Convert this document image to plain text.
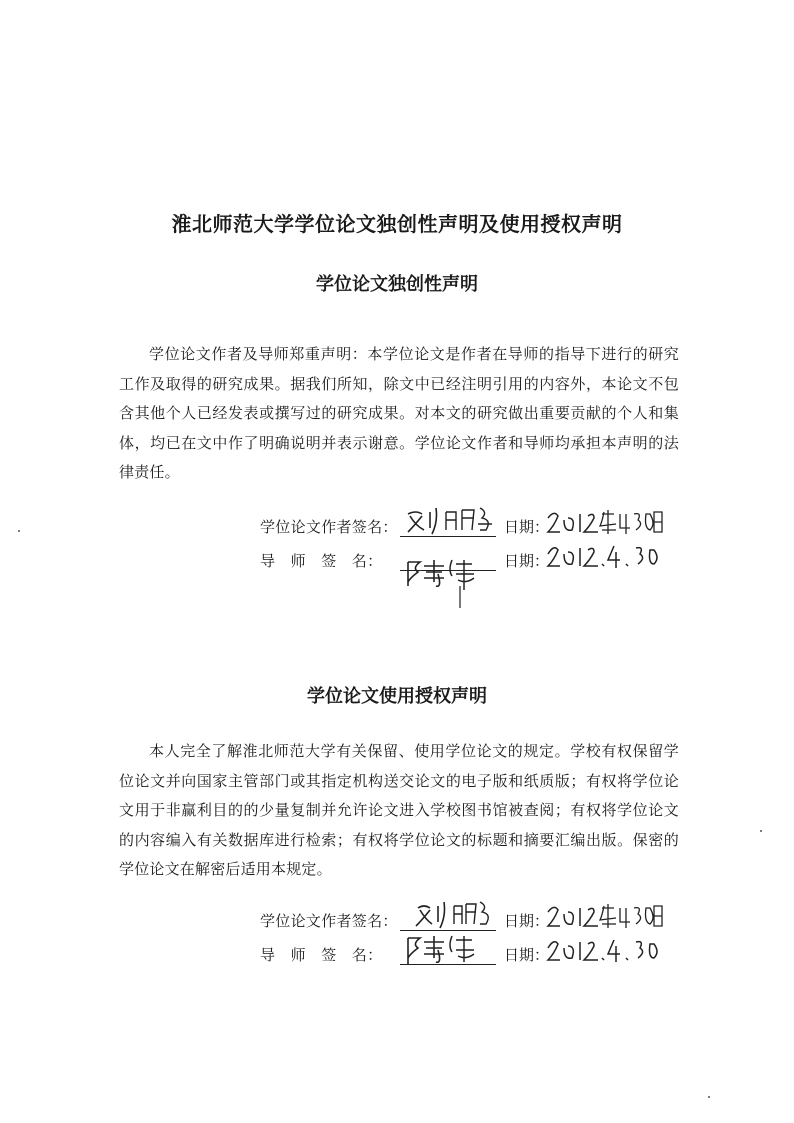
淮北师范大学学位论文独创性声明及使用授权声明
学位论文独创性声明

学位论文作者及导师郑重声明：本学位论文是作者在导师的指导下进行的研究工作及取得的研究成果。据我们所知，除文中已经注明引用的内容外，本论文不包含其他个人已经发表或撰写过的研究成果。对本文的研究做出重要贡献的个人和集体，均已在文中作了明确说明并表示谢意。学位论文作者和导师均承担本声明的法律责任。

学位论文作者签名：	日期：
导　师　签　名：	日期：
学位论文使用授权声明

本人完全了解淮北师范大学有关保留、使用学位论文的规定。学校有权保留学位论文并向国家主管部门或其指定机构送交论文的电子版和纸质版；有权将学位论文用于非赢利目的的少量复制并允许论文进入学校图书馆被查阅；有权将学位论文的内容编入有关数据库进行检索；有权将学位论文的标题和摘要汇编出版。保密的学位论文在解密后适用本规定。

学位论文作者签名：	日期：
导　师　签　名：	日期：
